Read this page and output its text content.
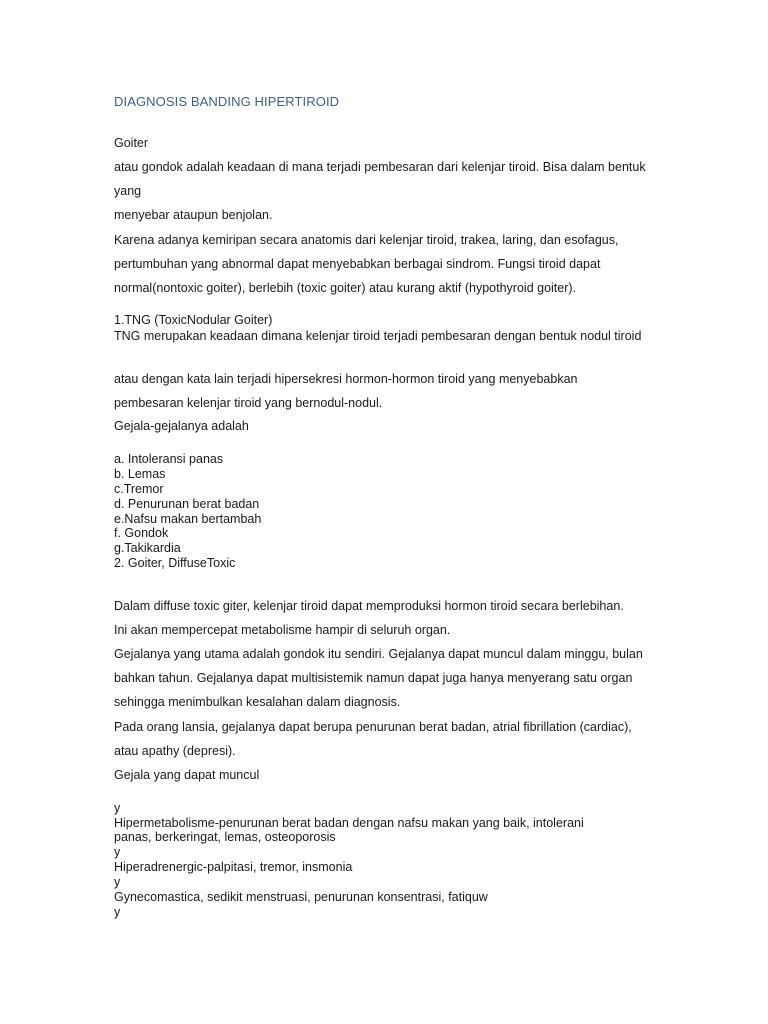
DIAGNOSIS BANDING HIPERTIROID

Goiter

atau gondok adalah keadaan di mana terjadi pembesaran dari kelenjar tiroid. Bisa dalam bentuk

yang

menyebar ataupun benjolan.

Karena adanya kemiripan secara anatomis dari kelenjar tiroid, trakea, laring, dan esofagus,

pertumbuhan yang abnormal dapat menyebabkan berbagai sindrom. Fungsi tiroid dapat

normal(nontoxic goiter), berlebih (toxic goiter) atau kurang aktif (hypothyroid goiter).

1.TNG (ToxicNodular Goiter)

TNG merupakan keadaan dimana kelenjar tiroid terjadi pembesaran dengan bentuk nodul tiroid

atau dengan kata lain terjadi hipersekresi hormon-hormon tiroid yang menyebabkan

pembesaran kelenjar tiroid yang bernodul-nodul.

Gejala-gejalanya adalah

a. Intoleransi panas

b. Lemas

c.Tremor

d. Penurunan berat badan

e.Nafsu makan bertambah

f. Gondok

g.Takikardia

2. Goiter, DiffuseToxic

Dalam diffuse toxic giter, kelenjar tiroid dapat memproduksi hormon tiroid secara berlebihan.

Ini akan mempercepat metabolisme hampir di seluruh organ.

Gejalanya yang utama adalah gondok itu sendiri. Gejalanya dapat muncul dalam minggu, bulan

bahkan tahun. Gejalanya dapat multisistemik namun dapat juga hanya menyerang satu organ

sehingga menimbulkan kesalahan dalam diagnosis.

Pada orang lansia, gejalanya dapat berupa penurunan berat badan, atrial fibrillation (cardiac),

atau apathy (depresi).

Gejala yang dapat muncul

y

Hipermetabolisme-penurunan berat badan dengan nafsu makan yang baik, intolerani

panas, berkeringat, lemas, osteoporosis

y

Hiperadrenergic-palpitasi, tremor, insmonia

y

Gynecomastica, sedikit menstruasi, penurunan konsentrasi, fatiquw

y
